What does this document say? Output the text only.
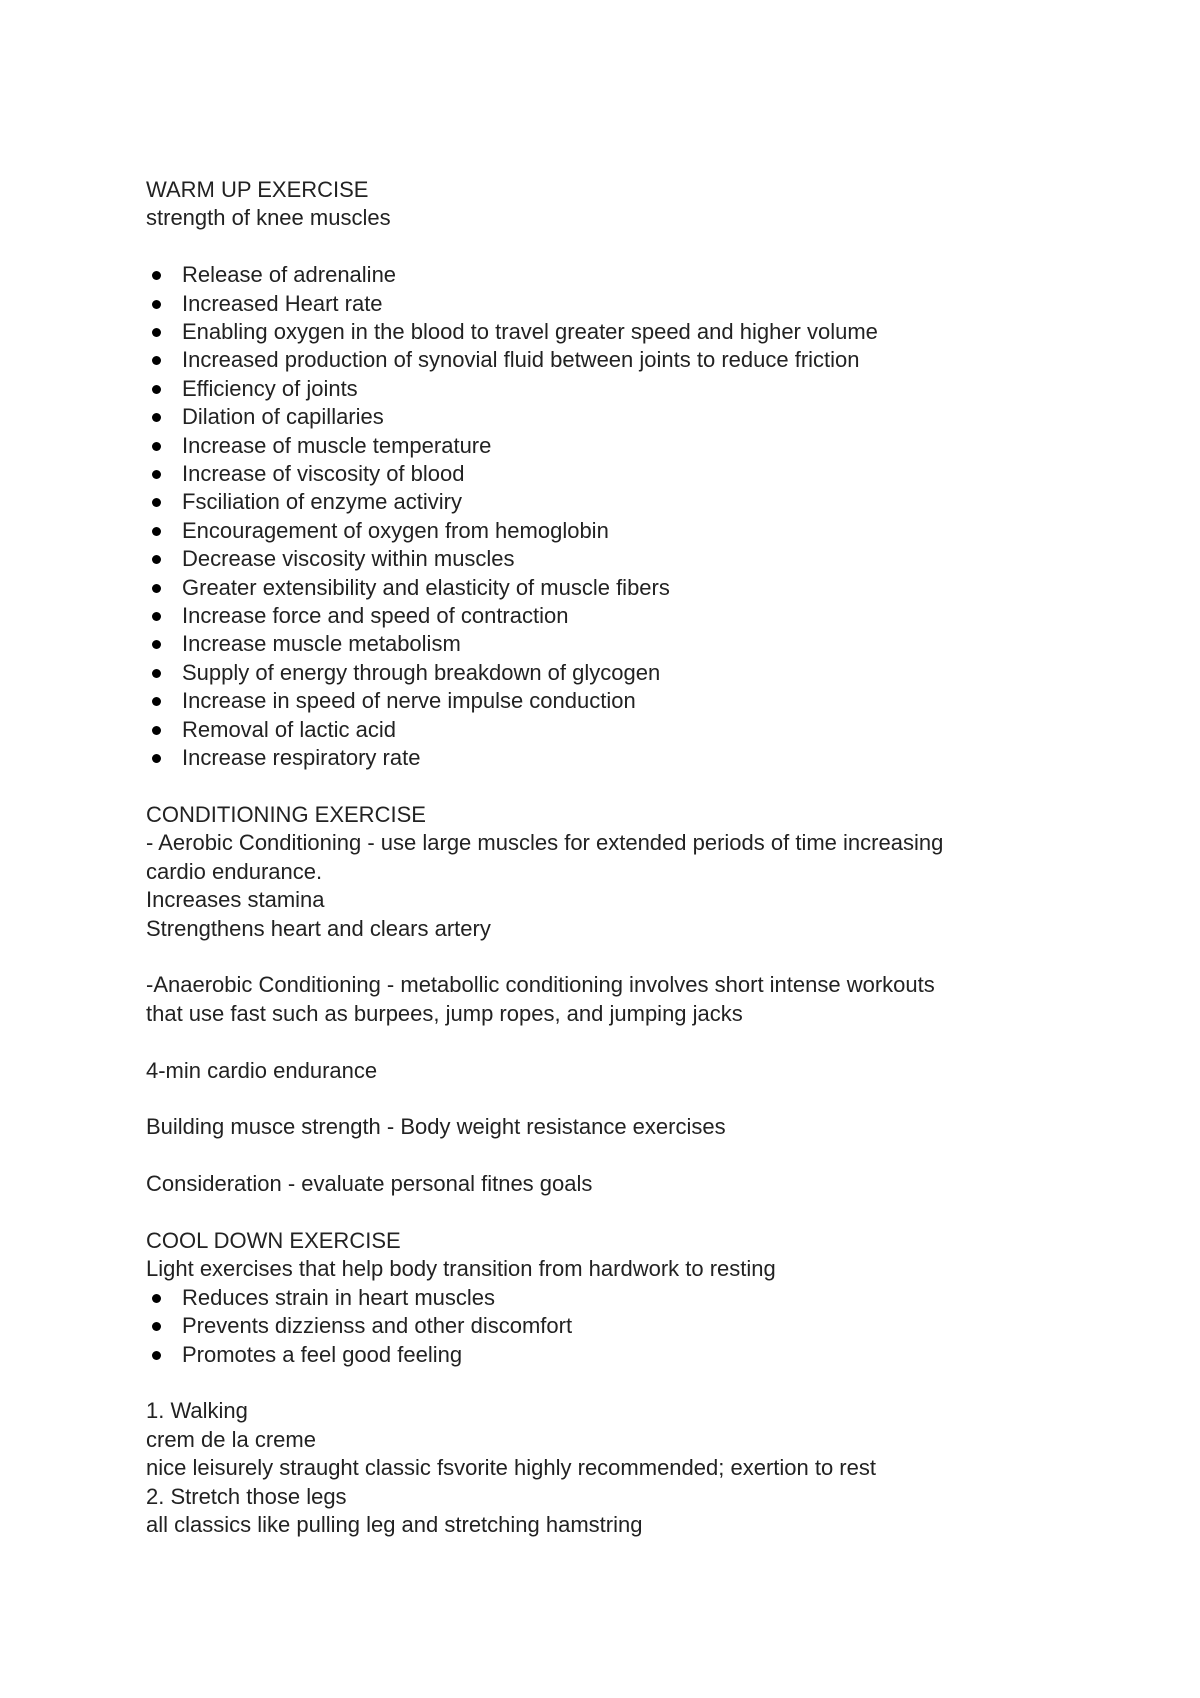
WARM UP EXERCISE
strength of knee muscles
Release of adrenaline
Increased Heart rate
Enabling oxygen in the blood to travel greater speed and higher volume
Increased production of synovial fluid between joints to reduce friction
Efficiency of joints
Dilation of capillaries
Increase of muscle temperature
Increase of viscosity of blood
Fsciliation of enzyme activiry
Encouragement of oxygen from hemoglobin
Decrease viscosity within muscles
Greater extensibility and elasticity of muscle fibers
Increase force and speed of contraction
Increase muscle metabolism
Supply of energy through breakdown of glycogen
Increase in speed of nerve impulse conduction
Removal of lactic acid
Increase respiratory rate
CONDITIONING EXERCISE
- Aerobic Conditioning - use large muscles for extended periods of time increasing
cardio endurance.
Increases stamina
Strengthens heart and clears artery
-Anaerobic Conditioning - metabollic conditioning involves short intense workouts
that use fast such as burpees, jump ropes, and jumping jacks
4-min cardio endurance
Building musce strength - Body weight resistance exercises
Consideration - evaluate personal fitnes goals
COOL DOWN EXERCISE
Light exercises that help body transition from hardwork to resting
Reduces strain in heart muscles
Prevents dizzienss and other discomfort
Promotes a feel good feeling
1. Walking
crem de la creme
nice leisurely straught classic fsvorite highly recommended; exertion to rest
2. Stretch those legs
all classics like pulling leg and stretching hamstring
